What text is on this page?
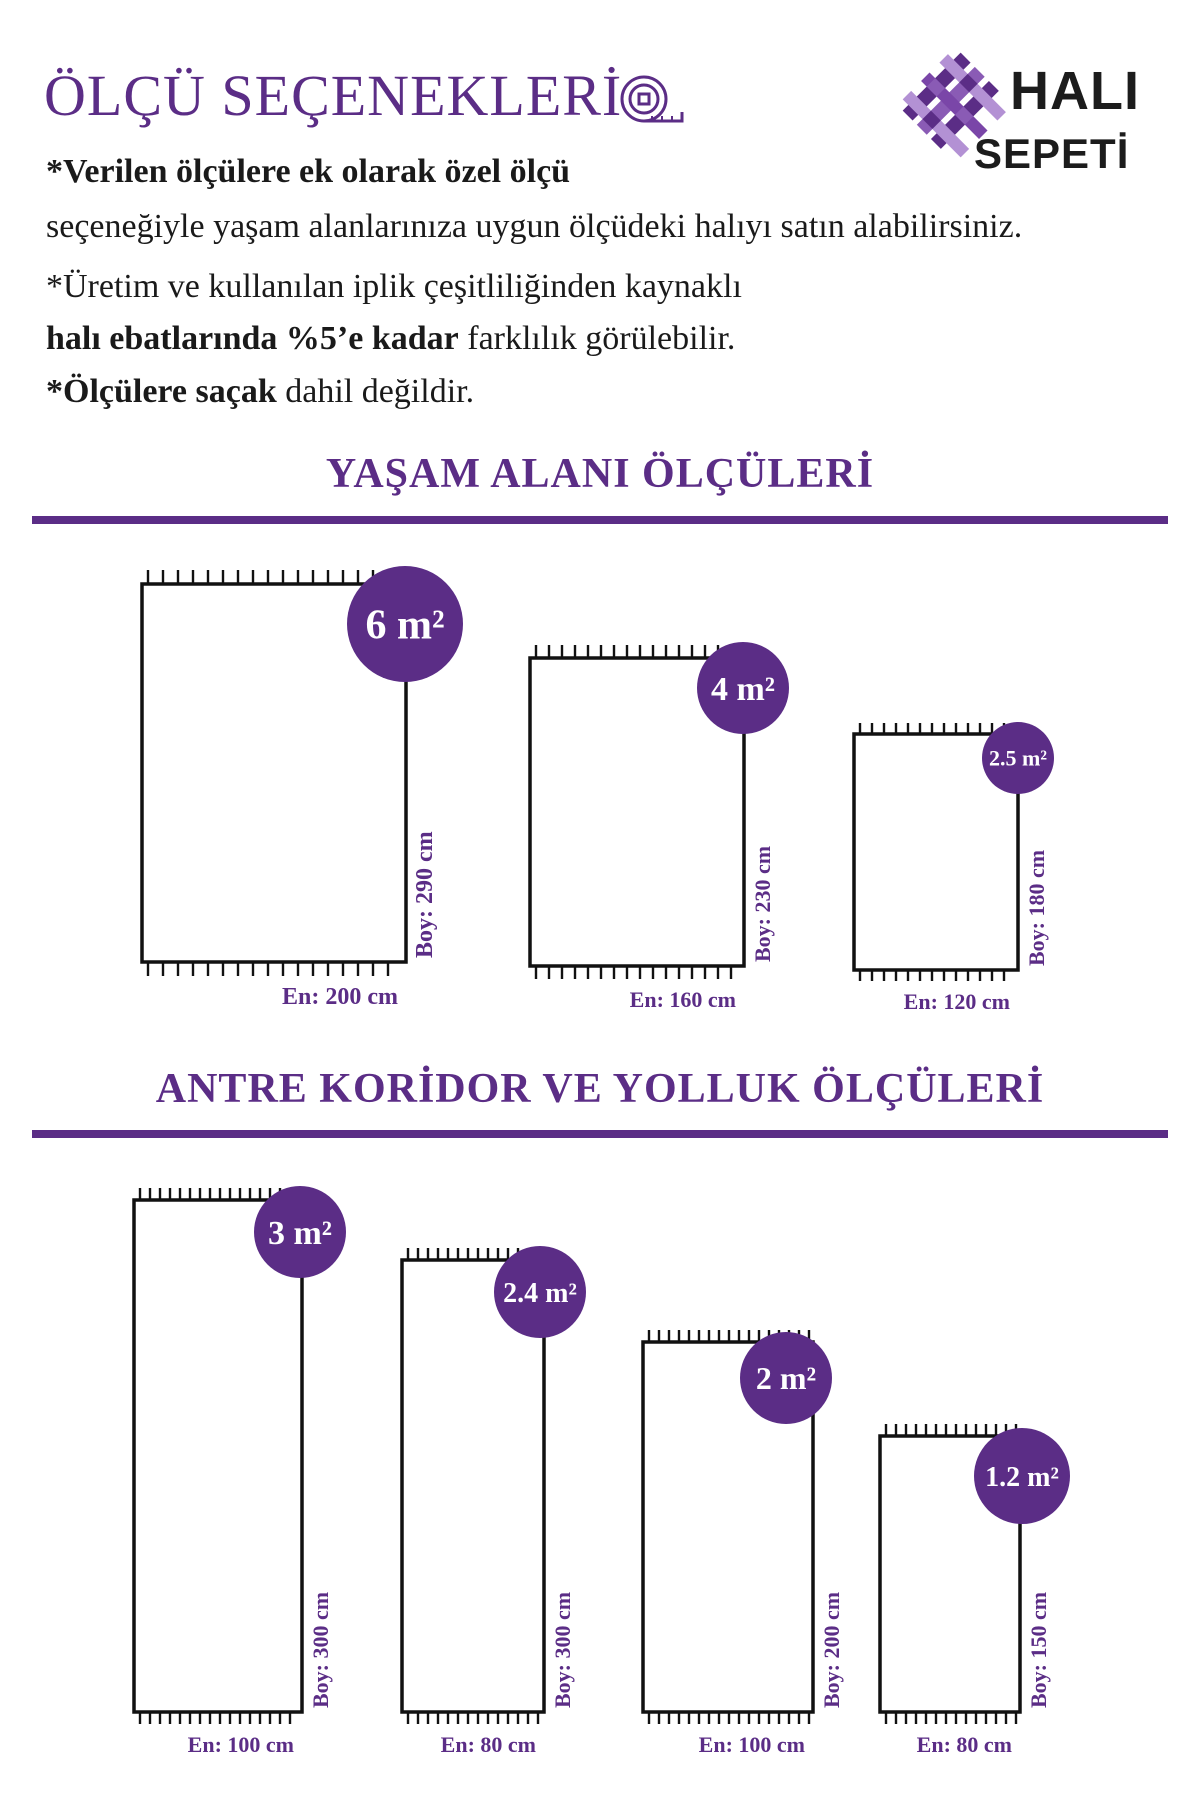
ÖLÇÜ SEÇENEKLERİ	HALI
SEPETİ
*Verilen ölçülere ek olarak özel ölçü
seçeneğiyle yaşam alanlarınıza uygun ölçüdeki halıyı satın alabilirsiniz.
*Üretim ve kullanılan iplik çeşitliliğinden kaynaklı
halı ebatlarında %5’e kadar farklılık görülebilir.
*Ölçülere saçak dahil değildir.
YAŞAM ALANI ÖLÇÜLERİ
ANTRE KORİDOR VE YOLLUK ÖLÇÜLERİ
6 m²
En: 200 cm
Boy: 290 cm
4 m²
En: 160 cm
Boy: 230 cm
2.5 m²
En: 120 cm
Boy: 180 cm
3 m²
En: 100 cm
Boy: 300 cm
2.4 m²
En: 80 cm
Boy: 300 cm
2 m²
En: 100 cm
Boy: 200 cm
1.2 m²
En: 80 cm
Boy: 150 cm
